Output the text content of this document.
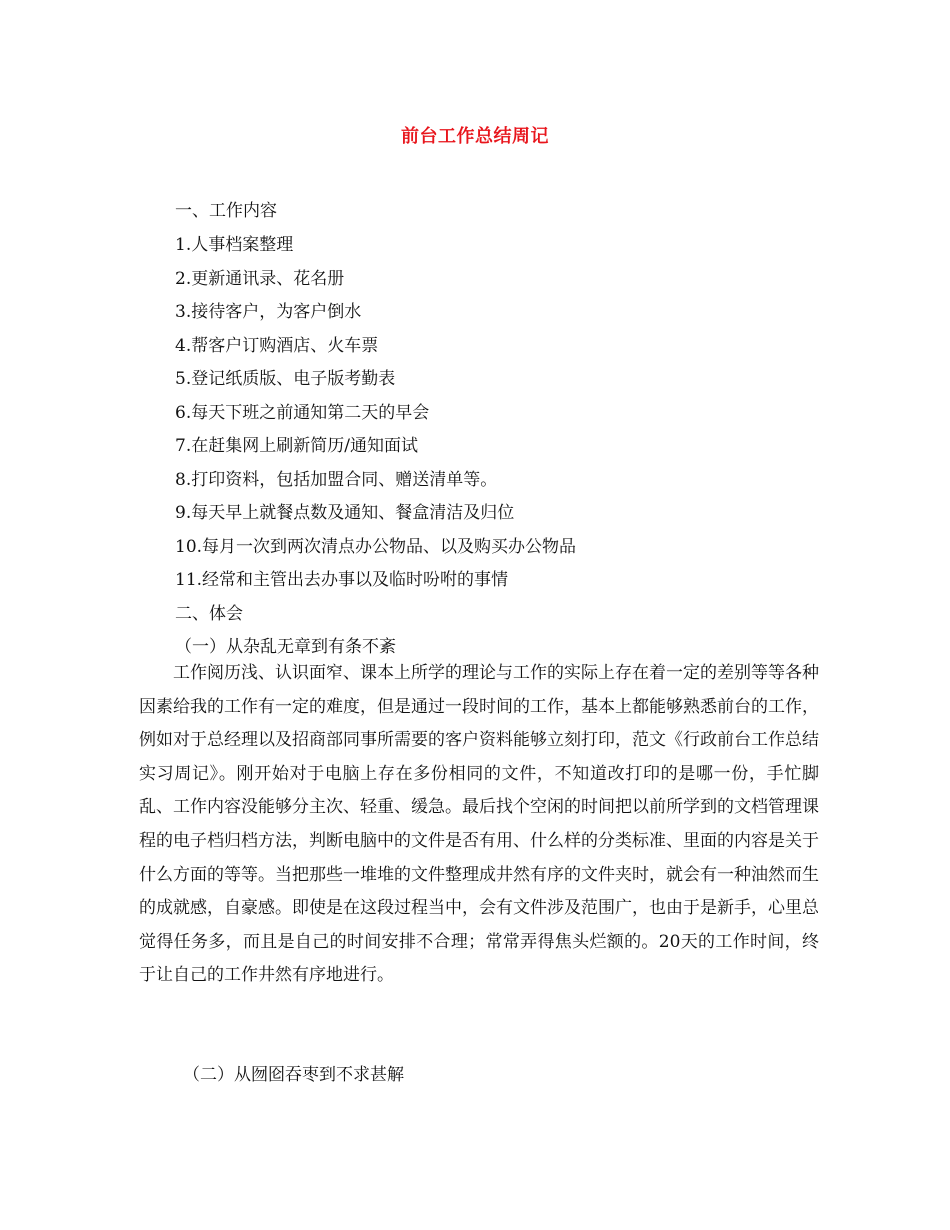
前台工作总结周记
一、工作内容
1.人事档案整理
2.更新通讯录、花名册
3.接待客户，为客户倒水
4.帮客户订购酒店、火车票
5.登记纸质版、电子版考勤表
6.每天下班之前通知第二天的早会
7.在赶集网上刷新简历/通知面试
8.打印资料，包括加盟合同、赠送清单等。
9.每天早上就餐点数及通知、餐盒清洁及归位
10.每月一次到两次清点办公物品、以及购买办公物品
11.经常和主管出去办事以及临时吩咐的事情
二、体会
（一）从杂乱无章到有条不紊
工作阅历浅、认识面窄、课本上所学的理论与工作的实际上存在着一定的差别等等各种因素给我的工作有一定的难度，但是通过一段时间的工作，基本上都能够熟悉前台的工作，例如对于总经理以及招商部同事所需要的客户资料能够立刻打印，范文《行政前台工作总结实习周记》。刚开始对于电脑上存在多份相同的文件，不知道改打印的是哪一份，手忙脚乱、工作内容没能够分主次、轻重、缓急。最后找个空闲的时间把以前所学到的文档管理课程的电子档归档方法，判断电脑中的文件是否有用、什么样的分类标准、里面的内容是关于什么方面的等等。当把那些一堆堆的文件整理成井然有序的文件夹时，就会有一种油然而生的成就感，自豪感。即使是在这段过程当中，会有文件涉及范围广，也由于是新手，心里总觉得任务多，而且是自己的时间安排不合理；常常弄得焦头烂额的。20天的工作时间，终于让自己的工作井然有序地进行。
（二）从囫囵吞枣到不求甚解
